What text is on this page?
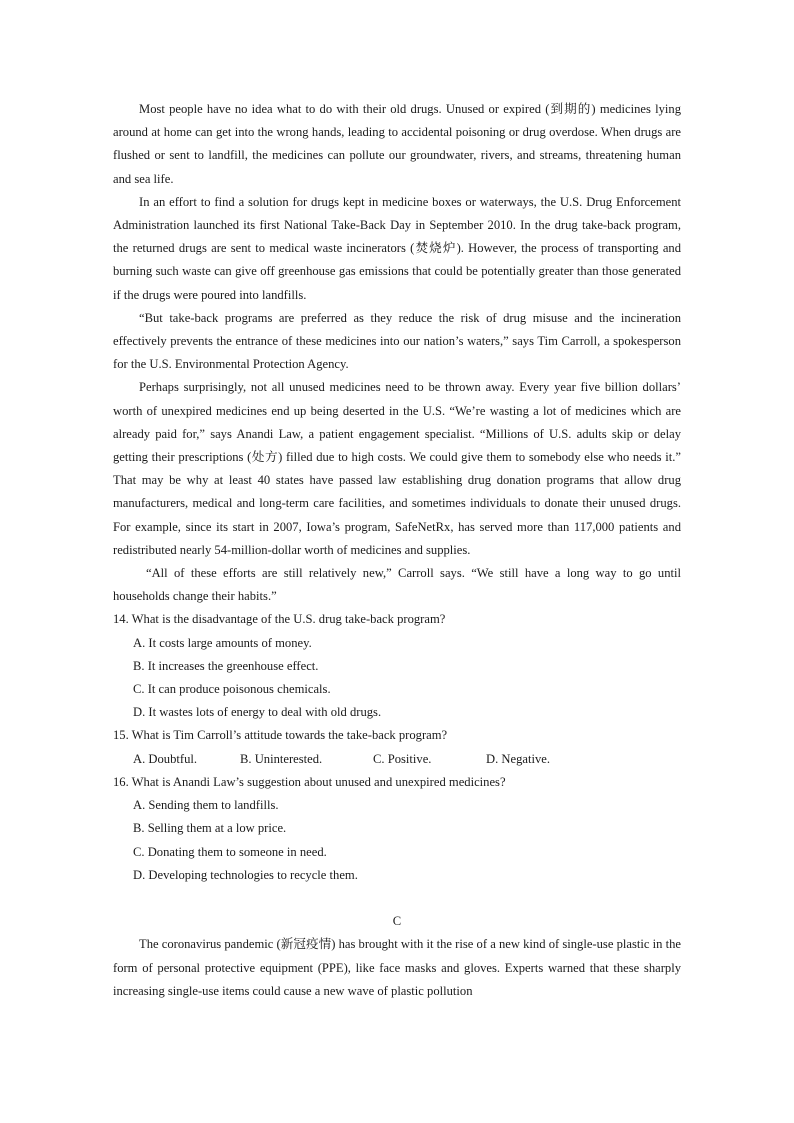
Most people have no idea what to do with their old drugs. Unused or expired (到期的) medicines lying around at home can get into the wrong hands, leading to accidental poisoning or drug overdose. When drugs are flushed or sent to landfill, the medicines can pollute our groundwater, rivers, and streams, threatening human and sea life.

In an effort to find a solution for drugs kept in medicine boxes or waterways, the U.S. Drug Enforcement Administration launched its first National Take-Back Day in September 2010. In the drug take-back program, the returned drugs are sent to medical waste incinerators (焚烧炉). However, the process of transporting and burning such waste can give off greenhouse gas emissions that could be potentially greater than those generated if the drugs were poured into landfills.

“But take-back programs are preferred as they reduce the risk of drug misuse and the incineration effectively prevents the entrance of these medicines into our nation’s waters,” says Tim Carroll, a spokesperson for the U.S. Environmental Protection Agency.

Perhaps surprisingly, not all unused medicines need to be thrown away. Every year five billion dollars’ worth of unexpired medicines end up being deserted in the U.S. “We’re wasting a lot of medicines which are already paid for,” says Anandi Law, a patient engagement specialist. “Millions of U.S. adults skip or delay getting their prescriptions (处方) filled due to high costs. We could give them to somebody else who needs it.” That may be why at least 40 states have passed law establishing drug donation programs that allow drug manufacturers, medical and long-term care facilities, and sometimes individuals to donate their unused drugs. For example, since its start in 2007, Iowa’s program, SafeNetRx, has served more than 117,000 patients and redistributed nearly 54-million-dollar worth of medicines and supplies.

“All of these efforts are still relatively new,” Carroll says. “We still have a long way to go until households change their habits.”

14. What is the disadvantage of the U.S. drug take-back program?

A. It costs large amounts of money.

B. It increases the greenhouse effect.

C. It can produce poisonous chemicals.

D. It wastes lots of energy to deal with old drugs.

15. What is Tim Carroll’s attitude towards the take-back program?

A. Doubtful.	B. Uninterested.	C. Positive.	D. Negative.

16. What is Anandi Law’s suggestion about unused and unexpired medicines?

A. Sending them to landfills.

B. Selling them at a low price.

C. Donating them to someone in need.

D. Developing technologies to recycle them.

C

The coronavirus pandemic (新冠疫情) has brought with it the rise of a new kind of single-use plastic in the form of personal protective equipment (PPE), like face masks and gloves. Experts warned that these sharply increasing single-use items could cause a new wave of plastic pollution
